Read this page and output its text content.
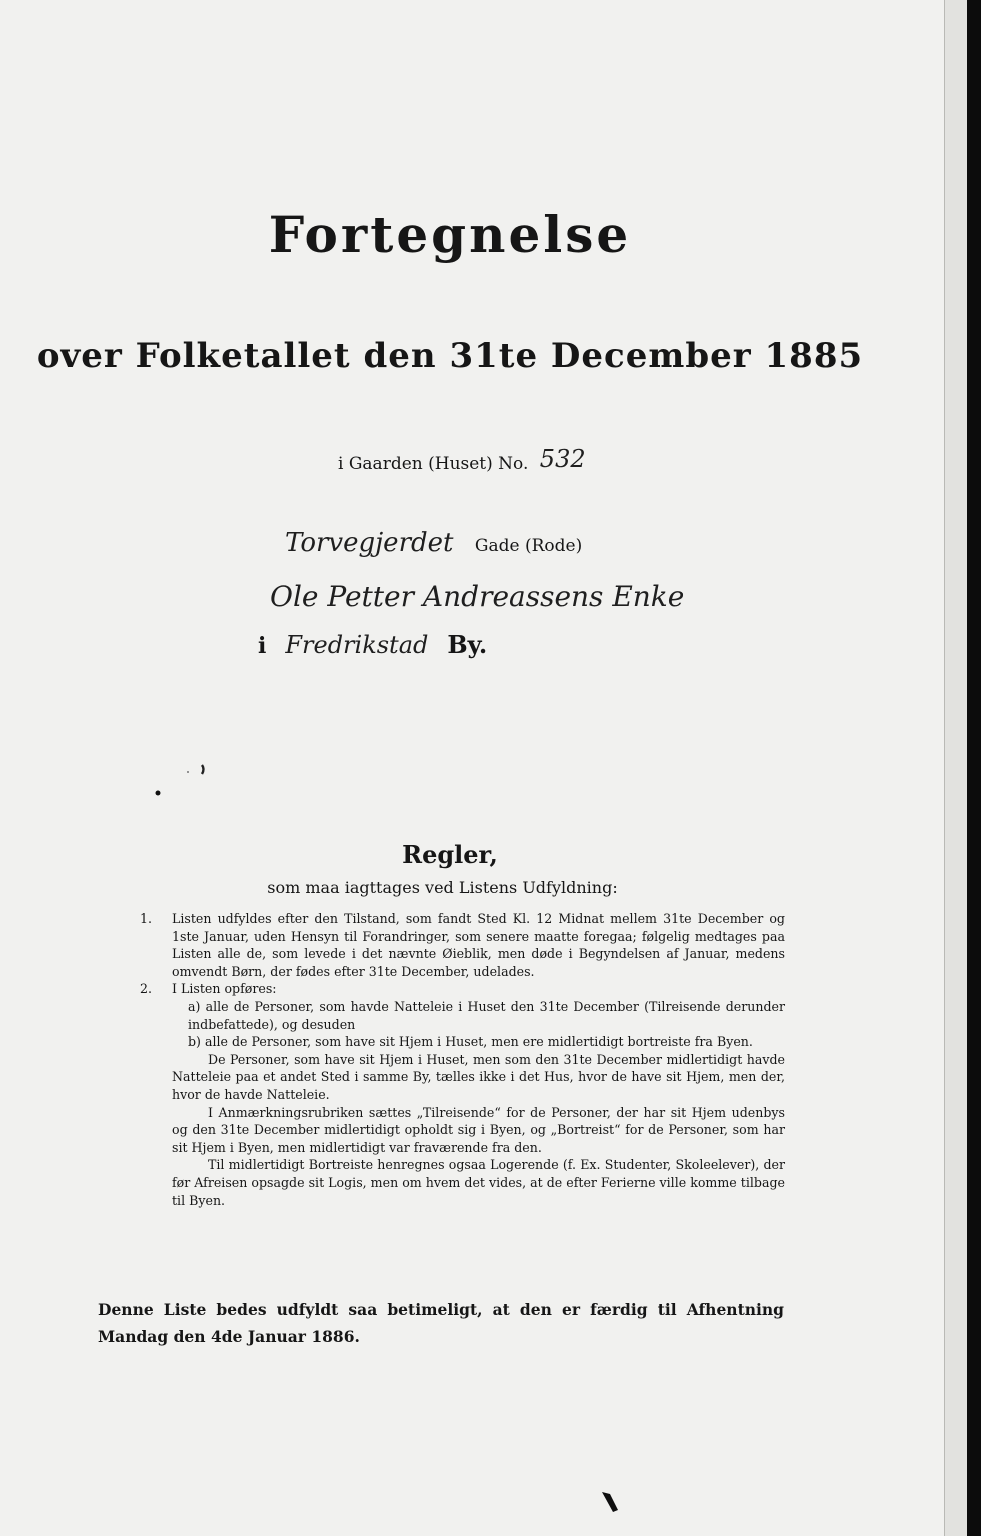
Fortegnelse
over Folketallet den 31te December 1885
i Gaarden (Huset) No. 532
Torvegjerdet Gade (Rode)
Ole Petter Andreassens Enke
i Fredrikstad By.
Regler,
som maa iagttages ved Listens Udfyldning:
1.	Listen udfyldes efter den Tilstand, som fandt Sted Kl. 12 Midnat mellem 31te December og 1ste Januar, uden Hensyn til Forandringer, som senere maatte foregaa; følgelig medtages paa Listen alle de, som levede i det nævnte Øieblik, men døde i Begyndelsen af Januar, medens omvendt Børn, der fødes efter 31te December, udelades.

2.	I Listen opføres:

a) alle de Personer, som havde Natteleie i Huset den 31te December (Tilreisende derunder indbefattede), og desuden

b) alle de Personer, som have sit Hjem i Huset, men ere midlertidigt bortreiste fra Byen.

De Personer, som have sit Hjem i Huset, men som den 31te December midlertidigt havde Natteleie paa et andet Sted i samme By, tælles ikke i det Hus, hvor de have sit Hjem, men der, hvor de havde Natteleie.

I Anmærkningsrubriken sættes „Tilreisende“ for de Personer, der har sit Hjem udenbys og den 31te December midlertidigt opholdt sig i Byen, og „Bortreist“ for de Personer, som har sit Hjem i Byen, men midlertidigt var fraværende fra den.

Til midlertidigt Bortreiste henregnes ogsaa Logerende (f. Ex. Studenter, Skoleelever), der før Afreisen opsagde sit Logis, men om hvem det vides, at de efter Ferierne ville komme tilbage til Byen.

Denne Liste bedes udfyldt saa betimeligt, at den er færdig til Afhentning Mandag den 4de Januar 1886.
